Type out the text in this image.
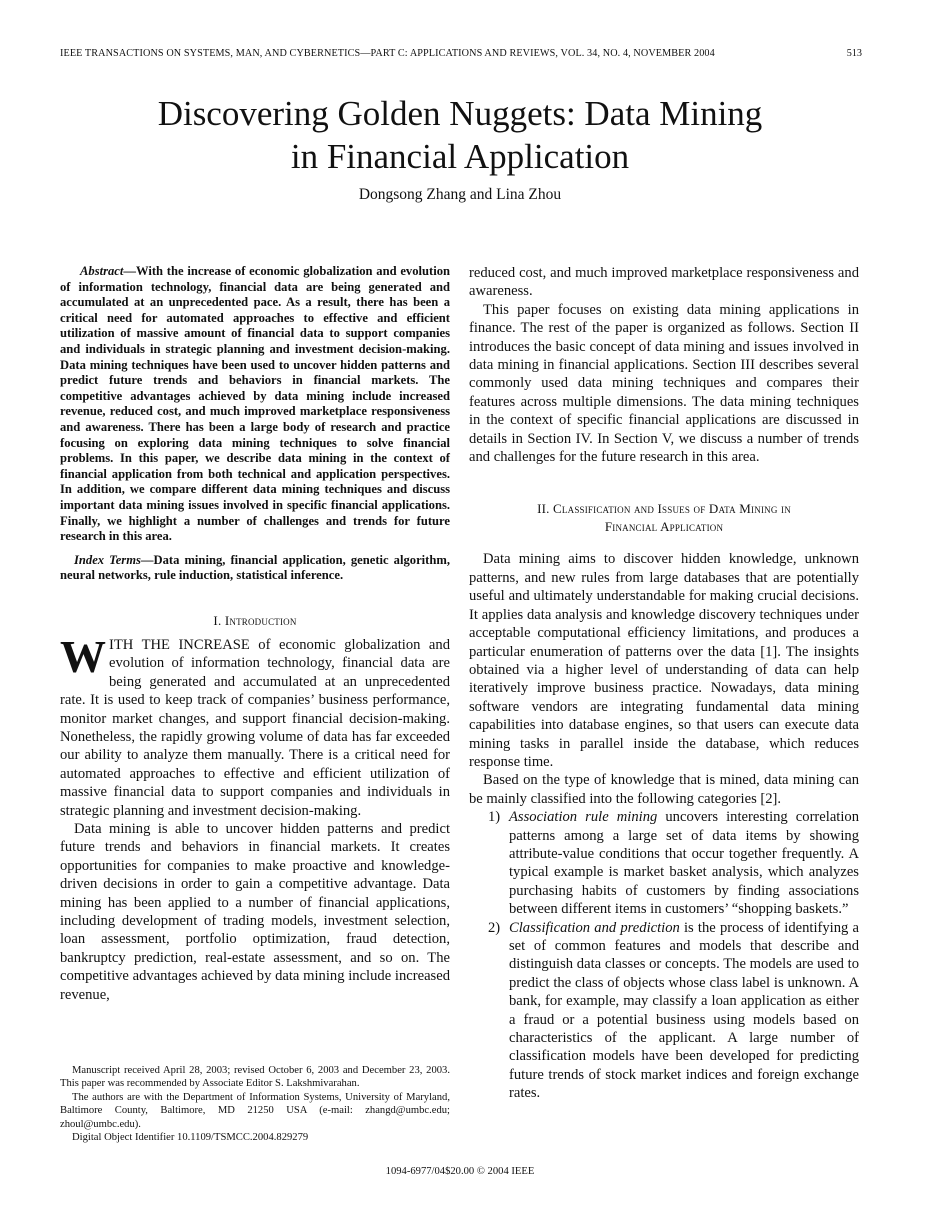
IEEE TRANSACTIONS ON SYSTEMS, MAN, AND CYBERNETICS—PART C: APPLICATIONS AND REVIEWS, VOL. 34, NO. 4, NOVEMBER 2004	513
Discovering Golden Nuggets: Data Mining
in Financial Application
Dongsong Zhang and Lina Zhou

Abstract—With the increase of economic globalization and evolution of information technology, financial data are being generated and accumulated at an unprecedented pace. As a result, there has been a critical need for automated approaches to effective and efficient utilization of massive amount of financial data to support companies and individuals in strategic planning and investment decision-making. Data mining techniques have been used to uncover hidden patterns and predict future trends and behaviors in financial markets. The competitive advantages achieved by data mining include increased revenue, reduced cost, and much improved marketplace responsiveness and awareness. There has been a large body of research and practice focusing on exploring data mining techniques to solve financial problems. In this paper, we describe data mining in the context of financial application from both technical and application perspectives. In addition, we compare different data mining techniques and discuss important data mining issues involved in specific financial applications. Finally, we highlight a number of challenges and trends for future research in this area.

Index Terms—Data mining, financial application, genetic algorithm, neural networks, rule induction, statistical inference.

I. Introduction

WITH THE INCREASE of economic globalization and evolution of information technology, financial data are being generated and accumulated at an unprecedented rate. It is used to keep track of companies’ business performance, monitor market changes, and support financial decision-making. Nonetheless, the rapidly growing volume of data has far exceeded our ability to analyze them manually. There is a critical need for automated approaches to effective and efficient utilization of massive financial data to support companies and individuals in strategic planning and investment decision-making.

Data mining is able to uncover hidden patterns and predict future trends and behaviors in financial markets. It creates opportunities for companies to make proactive and knowledge-driven decisions in order to gain a competitive advantage. Data mining has been applied to a number of financial applications, including development of trading models, investment selection, loan assessment, portfolio optimization, fraud detection, bankruptcy prediction, real-estate assessment, and so on. The competitive advantages achieved by data mining include increased revenue,

reduced cost, and much improved marketplace responsiveness and awareness.

This paper focuses on existing data mining applications in finance. The rest of the paper is organized as follows. Section II introduces the basic concept of data mining and issues involved in data mining in financial applications. Section III describes several commonly used data mining techniques and compares their features across multiple dimensions. The data mining techniques in the context of specific financial applications are discussed in details in Section IV. In Section V, we discuss a number of trends and challenges for the future research in this area.

II. Classification and Issues of Data Mining in
Financial Application

Data mining aims to discover hidden knowledge, unknown patterns, and new rules from large databases that are potentially useful and ultimately understandable for making crucial decisions. It applies data analysis and knowledge discovery techniques under acceptable computational efficiency limitations, and produces a particular enumeration of patterns over the data [1]. The insights obtained via a higher level of understanding of data can help iteratively improve business practice. Nowadays, data mining software vendors are integrating fundamental data mining capabilities into database engines, so that users can execute data mining tasks in parallel inside the database, which reduces response time.

Based on the type of knowledge that is mined, data mining can be mainly classified into the following categories [2].

1) Association rule mining uncovers interesting correlation patterns among a large set of data items by showing attribute-value conditions that occur together frequently. A typical example is market basket analysis, which analyzes purchasing habits of customers by finding associations between different items in customers’ “shopping baskets.”
2) Classification and prediction is the process of identifying a set of common features and models that describe and distinguish data classes or concepts. The models are used to predict the class of objects whose class label is unknown. A bank, for example, may classify a loan application as either a fraud or a potential business using models based on characteristics of the applicant. A large number of classification models have been developed for predicting future trends of stock market indices and foreign exchange rates.

Manuscript received April 28, 2003; revised October 6, 2003 and December 23, 2003. This paper was recommended by Associate Editor S. Lakshmivarahan.

The authors are with the Department of Information Systems, University of Maryland, Baltimore County, Baltimore, MD 21250 USA (e-mail: zhangd@umbc.edu; zhoul@umbc.edu).

Digital Object Identifier 10.1109/TSMCC.2004.829279

1094-6977/04$20.00 © 2004 IEEE
